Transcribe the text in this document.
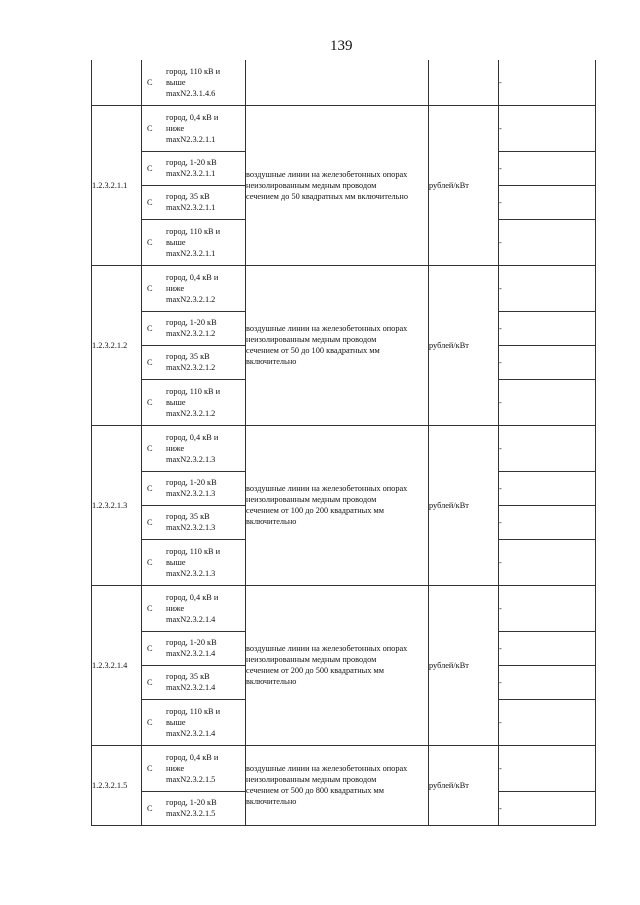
139

	С
город, 110 кВ и
выше
maxN2.3.1.4.6			-
1.2.3.2.1.1	С
город, 0,4 кВ и
ниже
maxN2.3.2.1.1	воздушные линии на железобетонных опорах
неизолированным медным проводом
сечением до 50 квадратных мм включительно	рублей/кВт	-

	С
город, 1-20 кВ
maxN2.3.2.1.1			-

	С
город, 35 кВ
maxN2.3.2.1.1			-

	С
город, 110 кВ и
выше
maxN2.3.2.1.1			-
1.2.3.2.1.2	С
город, 0,4 кВ и
ниже
maxN2.3.2.1.2	воздушные линии на железобетонных опорах
неизолированным медным проводом
сечением от 50 до 100 квадратных мм
включительно	рублей/кВт	-

	С
город, 1-20 кВ
maxN2.3.2.1.2			-

	С
город, 35 кВ
maxN2.3.2.1.2			-

	С
город, 110 кВ и
выше
maxN2.3.2.1.2			-
1.2.3.2.1.3	С
город, 0,4 кВ и
ниже
maxN2.3.2.1.3	воздушные линии на железобетонных опорах
неизолированным медным проводом
сечением от 100 до 200 квадратных мм
включительно	рублей/кВт	-

	С
город, 1-20 кВ
maxN2.3.2.1.3			-

	С
город, 35 кВ
maxN2.3.2.1.3			-

	С
город, 110 кВ и
выше
maxN2.3.2.1.3			-
1.2.3.2.1.4	С
город, 0,4 кВ и
ниже
maxN2.3.2.1.4	воздушные линии на железобетонных опорах
неизолированным медным проводом
сечением от 200 до 500 квадратных мм
включительно	рублей/кВт	-

	С
город, 1-20 кВ
maxN2.3.2.1.4			-

	С
город, 35 кВ
maxN2.3.2.1.4			-

	С
город, 110 кВ и
выше
maxN2.3.2.1.4			-
1.2.3.2.1.5	С
город, 0,4 кВ и
ниже
maxN2.3.2.1.5	воздушные линии на железобетонных опорах
неизолированным медным проводом
сечением от 500 до 800 квадратных мм
включительно	рублей/кВт	-

	С
город, 1-20 кВ
maxN2.3.2.1.5			-
